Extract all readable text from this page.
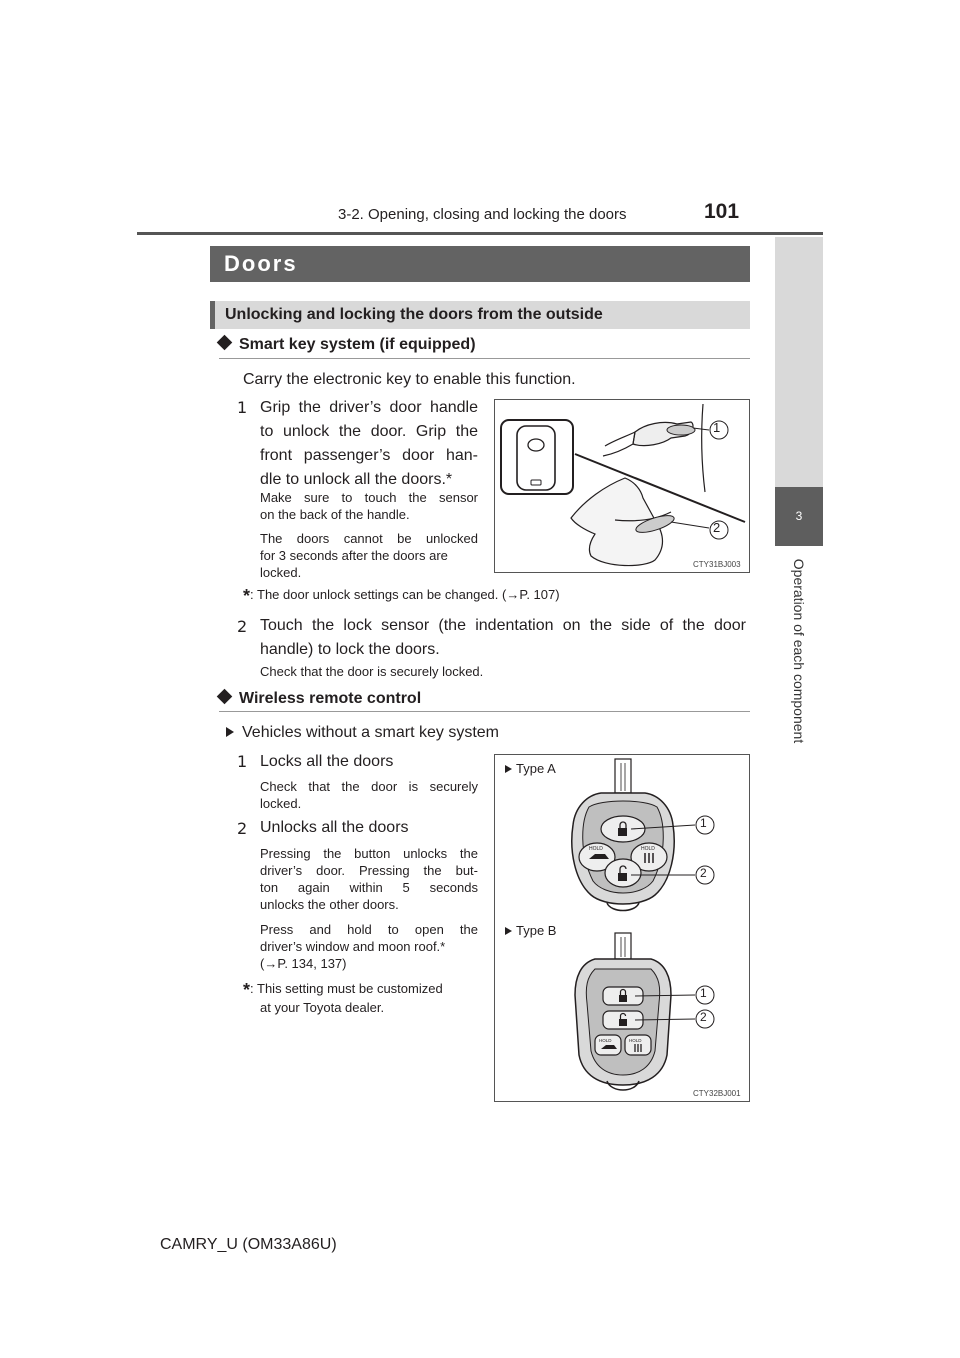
3-2. Opening, closing and locking the doors	101
3
Operation of each component
Doors
Unlocking and locking the doors from the outside
Smart key system (if equipped)
Carry the electronic key to enable this function.
1 Grip the driver’s door handle
to unlock the door. Grip the
front passenger’s door han-
dle to unlock all the doors.*
Make sure to touch the sensor
on the back of the handle.
The doors cannot be unlocked
for 3 seconds after the doors are
locked.
1
2
CTY31BJ003
*: The door unlock settings can be changed. (→P. 107)
2 Touch the lock sensor (the indentation on the side of the door
handle) to lock the doors.
Check that the door is securely locked.
Wireless remote control
Vehicles without a smart key system
1 Locks all the doors
Check that the door is securely
locked.
2 Unlocks all the doors
Pressing the button unlocks the
driver’s door. Pressing the but-
ton again within 5 seconds
unlocks the other doors.
Press and hold to open the
driver’s window and moon roof.*
(→P. 134, 137)
*: This setting must be customized
at your Toyota dealer.
Type A
Type B
HOLD	HOLD
HOLD	HOLD
1
2
1
2
CTY32BJ001
CAMRY_U (OM33A86U)
